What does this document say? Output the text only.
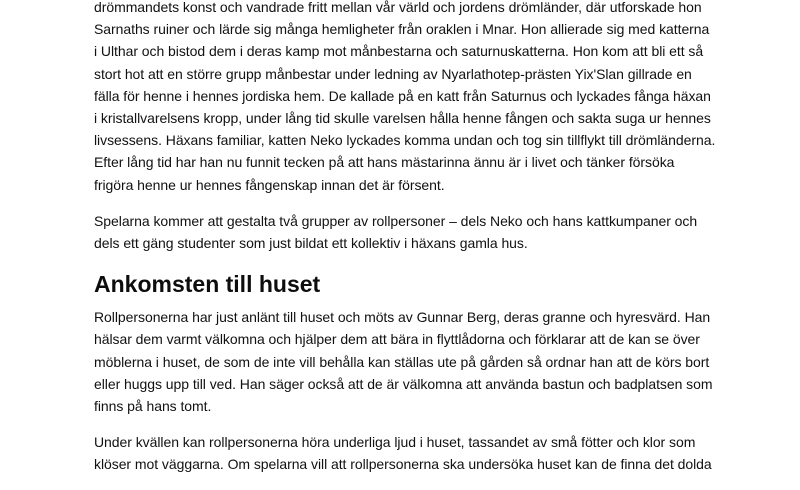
drömmandets konst och vandrade fritt mellan vår värld och jordens drömländer, där utforskade hon Sarnaths ruiner och lärde sig många hemligheter från oraklen i Mnar. Hon allierade sig med katterna i Ulthar och bistod dem i deras kamp mot månbestarna och saturnuskatterna. Hon kom att bli ett så stort hot att en större grupp månbestar under ledning av Nyarlathotep-prästen Yix'Slan gillrade en fälla för henne i hennes jordiska hem. De kallade på en katt från Saturnus och lyckades fånga häxan i kristallvarelsens kropp, under lång tid skulle varelsen hålla henne fången och sakta suga ur hennes livsessens. Häxans familiar, katten Neko lyckades komma undan och tog sin tillflykt till drömländerna. Efter lång tid har han nu funnit tecken på att hans mästarinna ännu är i livet och tänker försöka frigöra henne ur hennes fångenskap innan det är försent.

Spelarna kommer att gestalta två grupper av rollpersoner – dels Neko och hans kattkumpaner och dels ett gäng studenter som just bildat ett kollektiv i häxans gamla hus.

Ankomsten till huset

Rollpersonerna har just anlänt till huset och möts av Gunnar Berg, deras granne och hyresvärd. Han hälsar dem varmt välkomna och hjälper dem att bära in flyttlådorna och förklarar att de kan se över möblerna i huset, de som de inte vill behålla kan ställas ute på gården så ordnar han att de körs bort eller huggs upp till ved. Han säger också att de är välkomna att använda bastun och badplatsen som finns på hans tomt.

Under kvällen kan rollpersonerna höra underliga ljud i huset, tassandet av små fötter och klor som klöser mot väggarna. Om spelarna vill att rollpersonerna ska undersöka huset kan de finna det dolda
